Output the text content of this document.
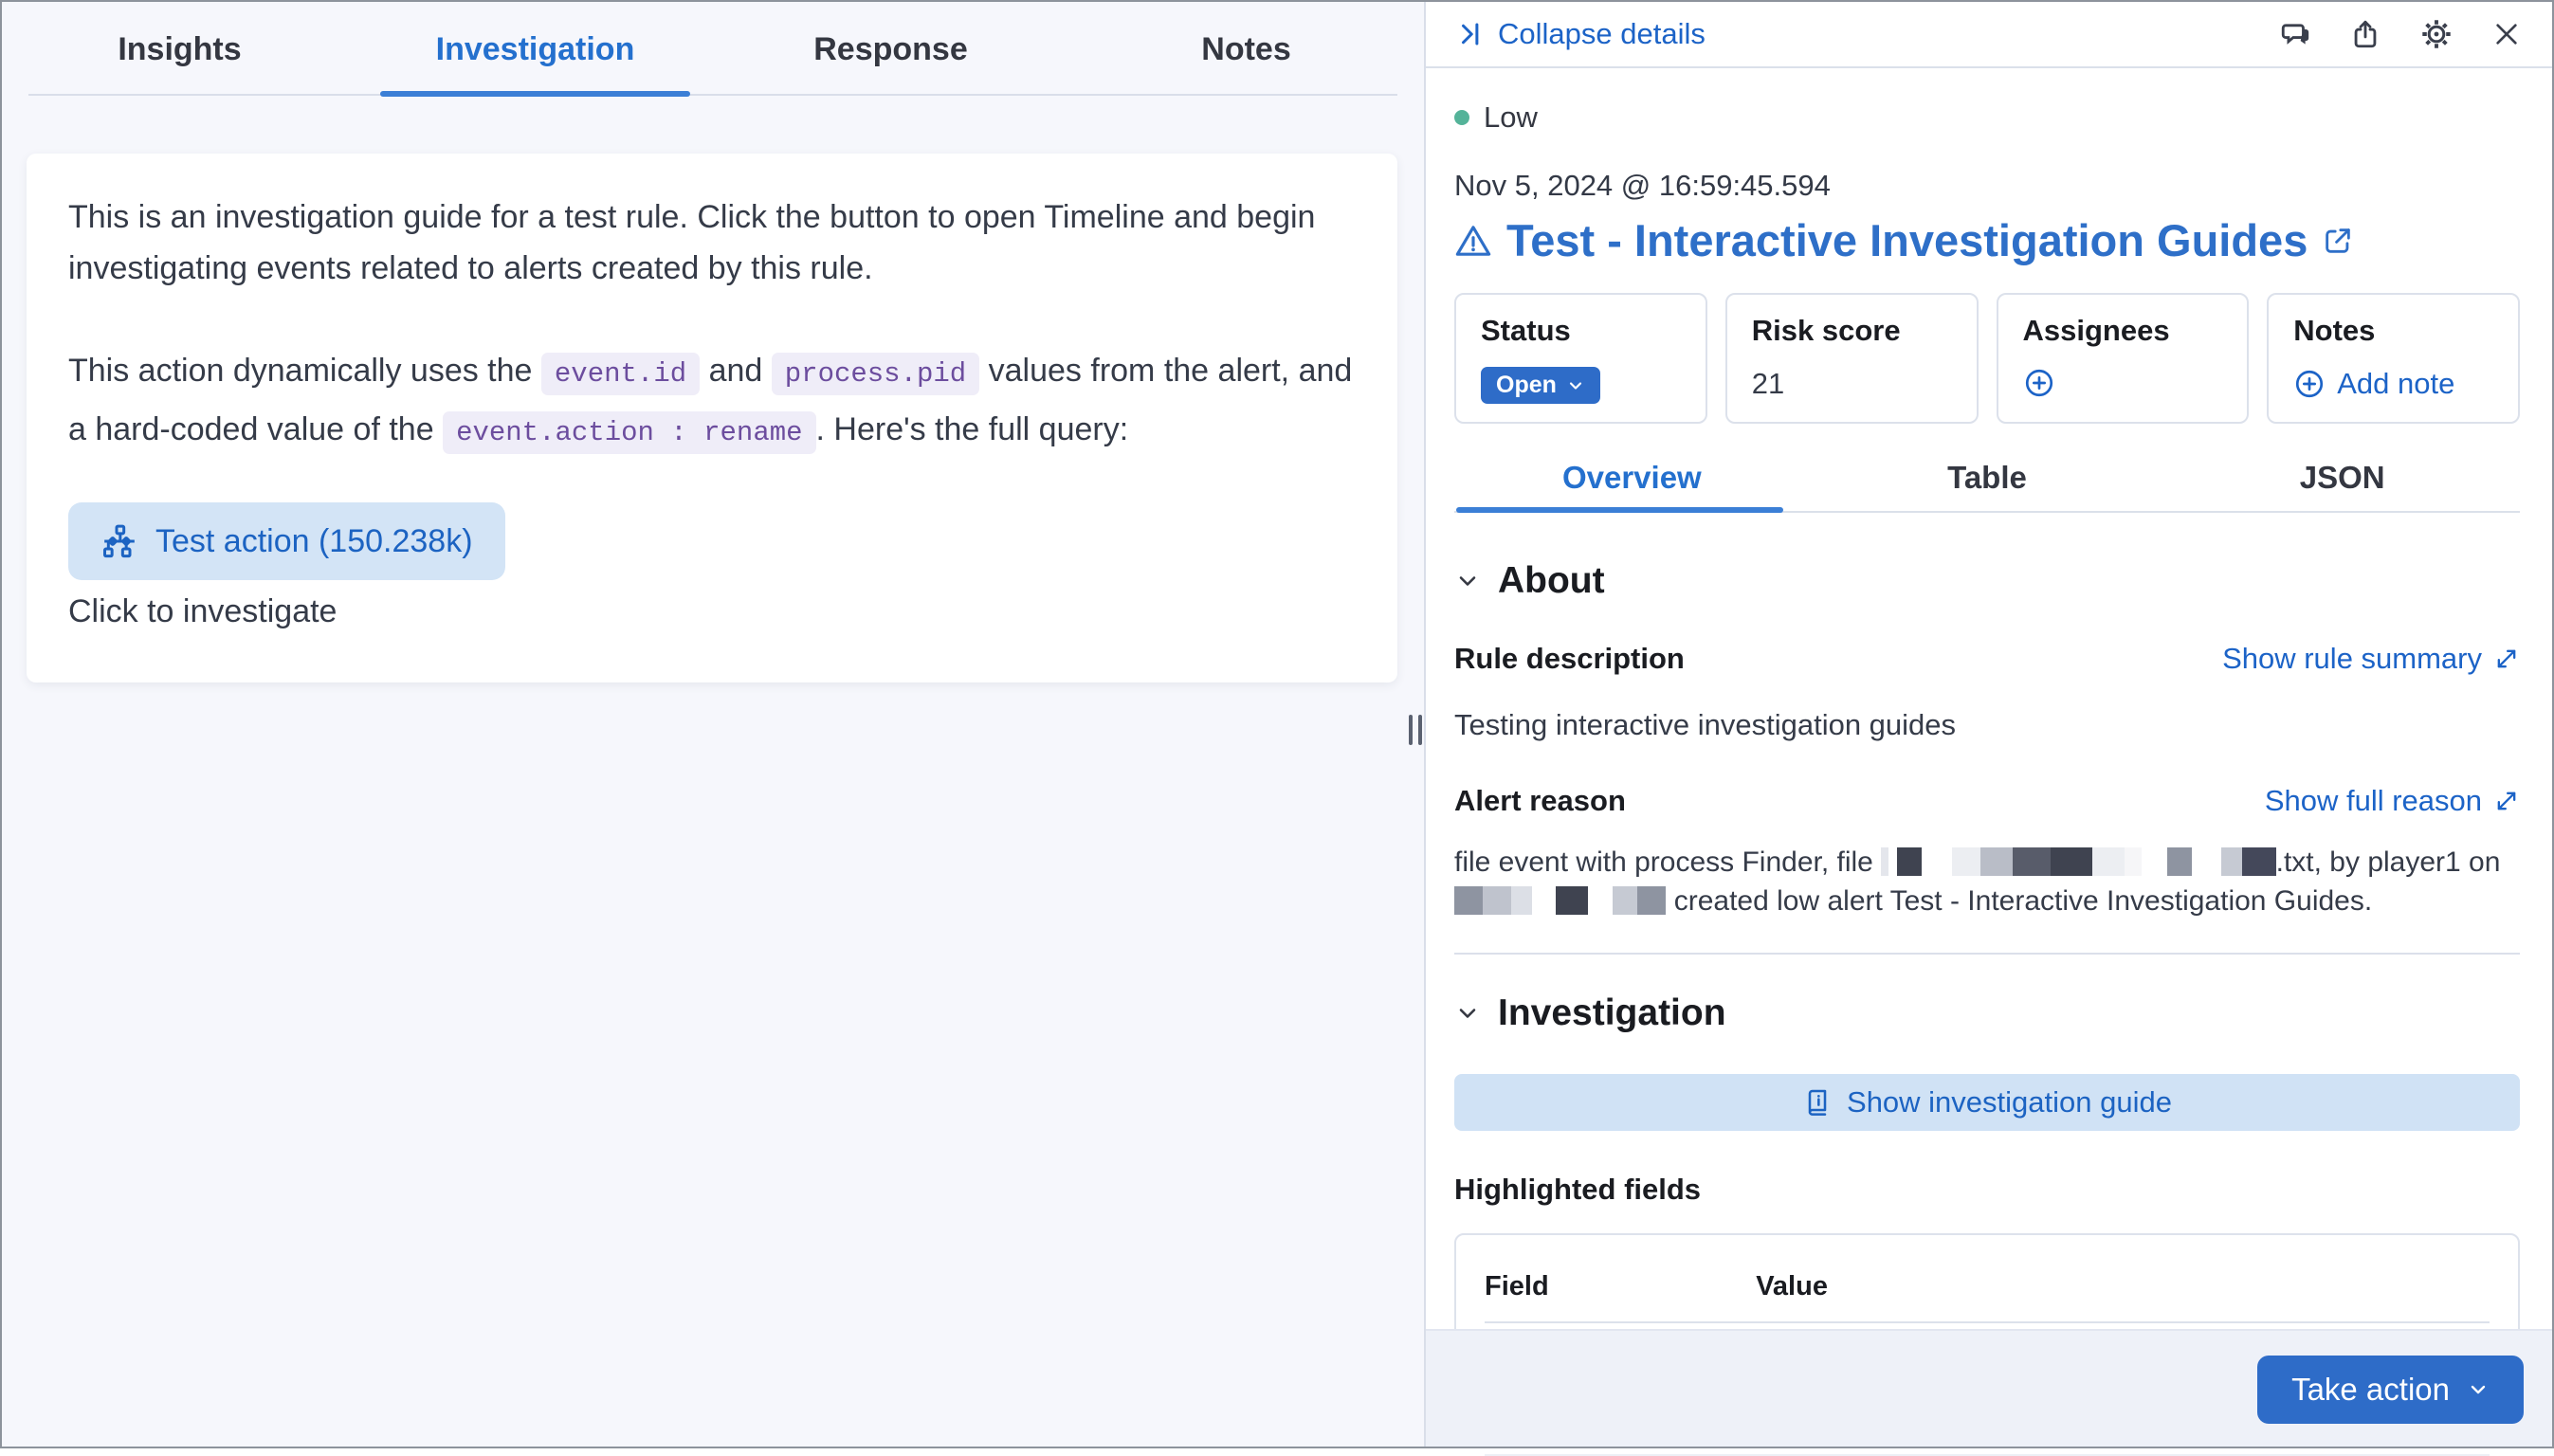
Insights	Investigation	Response	Notes

This is an investigation guide for a test rule. Click the button to open Timeline and begin investigating events related to alerts created by this rule.

This action dynamically uses the event.id and process.pid values from the alert, and a hard-coded value of the event.action : rename . Here's the full query:

Test action (150.238k)
Click to investigate
Collapse details
Low
Nov 5, 2024 @ 16:59:45.594
Test - Interactive Investigation Guides
Status
Open
Risk score
21
Assignees	Notes
Add note
Overview	Table	JSON
About
Rule description	Show rule summary
Testing interactive investigation guides
Alert reason	Show full reason
file event with process Finder, file	.txt, by player1 on
created low alert Test - Interactive Investigation Guides.
Investigation
Show investigation guide
Highlighted fields
Field	Value

Take action
